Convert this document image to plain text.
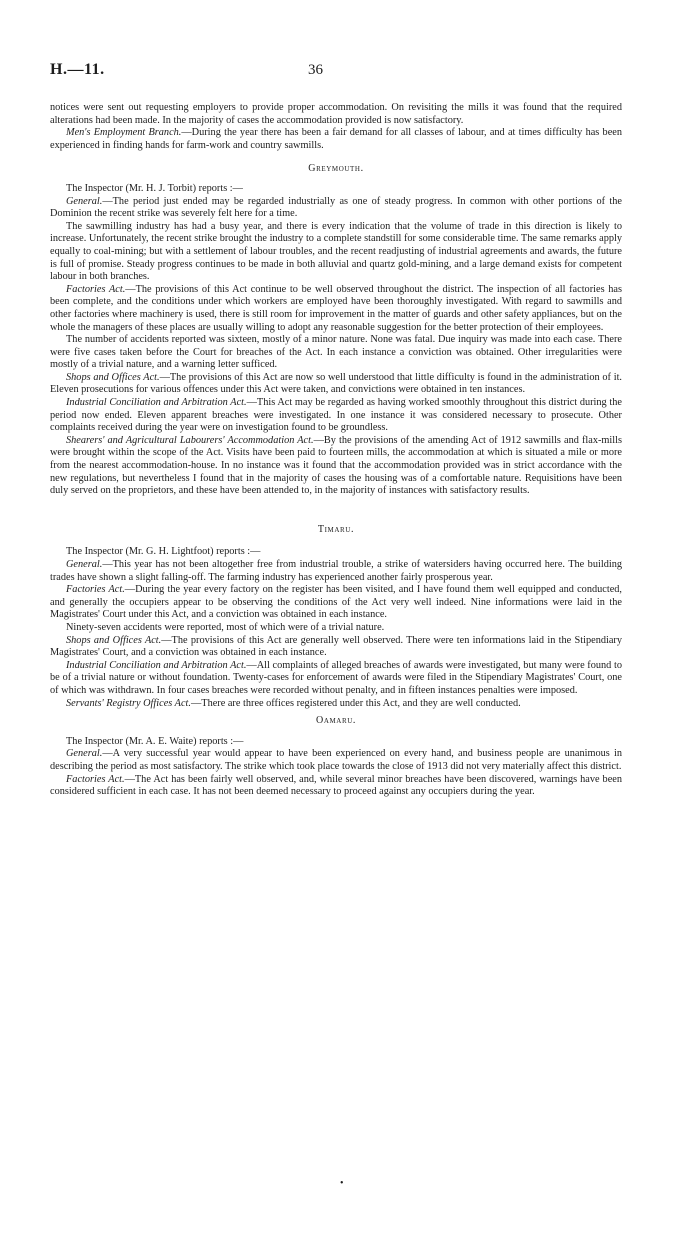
H.—11.	36

notices were sent out requesting employers to provide proper accommodation. On revisiting the mills it was found that the required alterations had been made. In the majority of cases the accommodation provided is now satisfactory.

Men's Employment Branch.—During the year there has been a fair demand for all classes of labour, and at times difficulty has been experienced in finding hands for farm-work and country sawmills.

Greymouth.

The Inspector (Mr. H. J. Torbit) reports :—

General.—The period just ended may be regarded industrially as one of steady progress. In common with other portions of the Dominion the recent strike was severely felt here for a time.

The sawmilling industry has had a busy year, and there is every indication that the volume of trade in this direction is likely to increase. Unfortunately, the recent strike brought the industry to a complete standstill for some considerable time. The same remarks apply equally to coal-mining; but with a settlement of labour troubles, and the recent readjusting of industrial agreements and awards, the future is full of promise. Steady progress continues to be made in both alluvial and quartz gold-mining, and a large demand exists for competent labour in both branches.

Factories Act.—The provisions of this Act continue to be well observed throughout the district. The inspection of all factories has been complete, and the conditions under which workers are employed have been thoroughly investigated. With regard to sawmills and other factories where machinery is used, there is still room for improvement in the matter of guards and other safety appliances, but on the whole the managers of these places are usually willing to adopt any reasonable suggestion for the better protection of their employees.

The number of accidents reported was sixteen, mostly of a minor nature. None was fatal. Due inquiry was made into each case. There were five cases taken before the Court for breaches of the Act. In each instance a conviction was obtained. Other irregularities were mostly of a trivial nature, and a warning letter sufficed.

Shops and Offices Act.—The provisions of this Act are now so well understood that little difficulty is found in the administration of it. Eleven prosecutions for various offences under this Act were taken, and convictions were obtained in ten instances.

Industrial Conciliation and Arbitration Act.—This Act may be regarded as having worked smoothly throughout this district during the period now ended. Eleven apparent breaches were investigated. In one instance it was considered necessary to prosecute. Other complaints received during the year were on investigation found to be groundless.

Shearers' and Agricultural Labourers' Accommodation Act.—By the provisions of the amending Act of 1912 sawmills and flax-mills were brought within the scope of the Act. Visits have been paid to fourteen mills, the accommodation at which is situated a mile or more from the nearest accommodation-house. In no instance was it found that the accommodation provided was in strict accordance with the new regulations, but nevertheless I found that in the majority of cases the housing was of a comfortable nature. Requisitions have been duly served on the proprietors, and these have been attended to, in the majority of instances with satisfactory results.

Timaru.

The Inspector (Mr. G. H. Lightfoot) reports :—

General.—This year has not been altogether free from industrial trouble, a strike of watersiders having occurred here. The building trades have shown a slight falling-off. The farming industry has experienced another fairly prosperous year.

Factories Act.—During the year every factory on the register has been visited, and I have found them well equipped and conducted, and generally the occupiers appear to be observing the conditions of the Act very well indeed. Nine informations were laid in the Magistrates' Court under this Act, and a conviction was obtained in each instance.

Ninety-seven accidents were reported, most of which were of a trivial nature.

Shops and Offices Act.—The provisions of this Act are generally well observed. There were ten informations laid in the Stipendiary Magistrates' Court, and a conviction was obtained in each instance.

Industrial Conciliation and Arbitration Act.—All complaints of alleged breaches of awards were investigated, but many were found to be of a trivial nature or without foundation. Twenty-cases for enforcement of awards were filed in the Stipendiary Magistrates' Court, one of which was withdrawn. In four cases breaches were recorded without penalty, and in fifteen instances penalties were imposed.

Servants' Registry Offices Act.—There are three offices registered under this Act, and they are well conducted.

Oamaru.

The Inspector (Mr. A. E. Waite) reports :—

General.—A very successful year would appear to have been experienced on every hand, and business people are unanimous in describing the period as most satisfactory. The strike which took place towards the close of 1913 did not very materially affect this district.

Factories Act.—The Act has been fairly well observed, and, while several minor breaches have been discovered, warnings have been considered sufficient in each case. It has not been deemed necessary to proceed against any occupiers during the year.

•
